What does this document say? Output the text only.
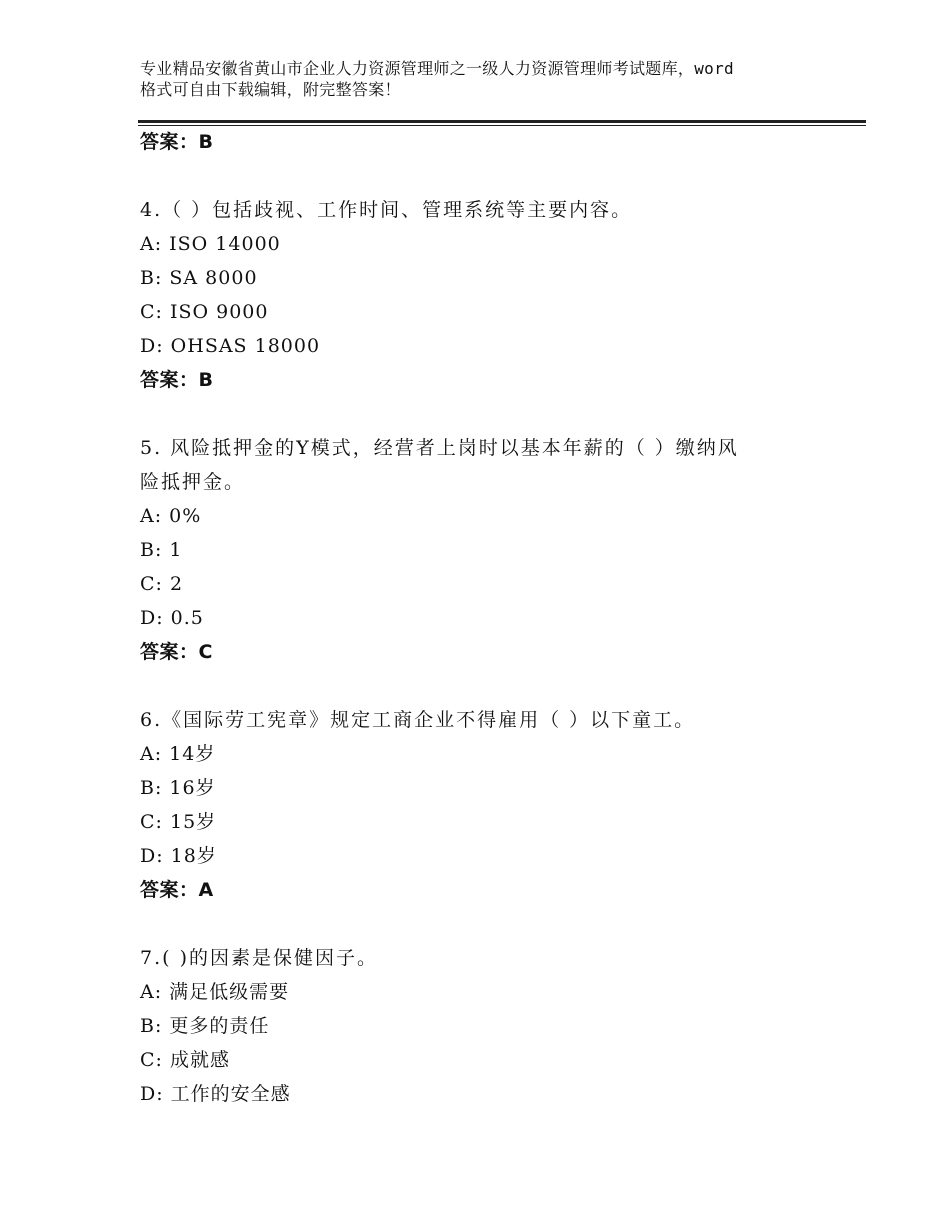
专业精品安徽省黄山市企业人力资源管理师之一级人力资源管理师考试题库，word
格式可自由下载编辑，附完整答案！
答案：B
4.（ ）包括歧视、工作时间、管理系统等主要内容。
A: ISO 14000
B: SA 8000
C: ISO 9000
D: OHSAS 18000
答案：B
5. 风险抵押金的Y模式，经营者上岗时以基本年薪的（ ）缴纳风
险抵押金。
A: 0%
B: 1
C: 2
D: 0.5
答案：C
6.《国际劳工宪章》规定工商企业不得雇用（ ）以下童工。
A: 14岁
B: 16岁
C: 15岁
D: 18岁
答案：A
7.( )的因素是保健因子。
A: 满足低级需要
B: 更多的责任
C: 成就感
D: 工作的安全感
